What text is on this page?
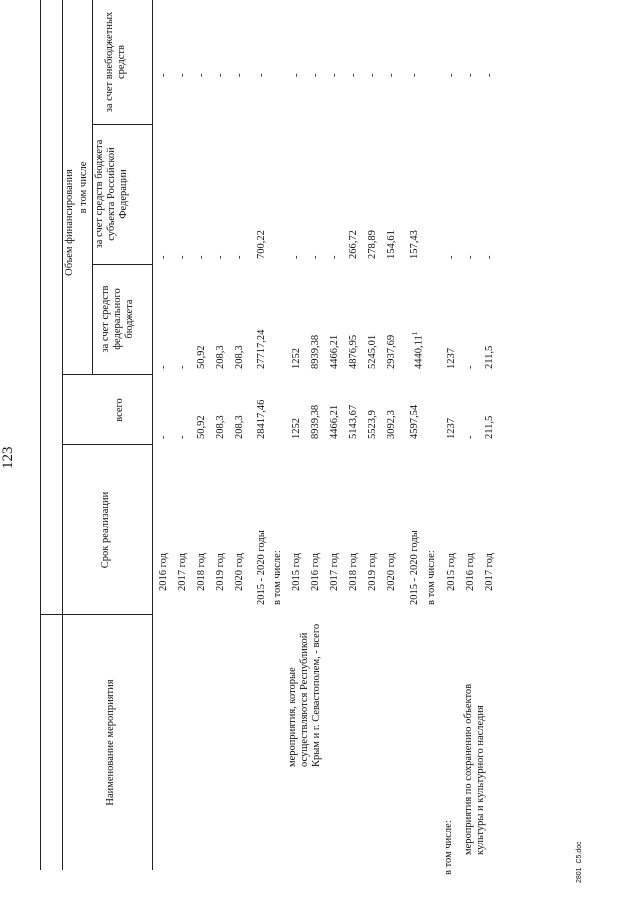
123
Наименование мероприятия
Срок реализации
Объем финансирования
всего
в том числе
за счет средств федерального бюджета
за счет средств бюджета субъекта Российской Федерации
за счет внебюджетных средств
мероприятия, которые осуществляются Республикой Крым и г. Севастополем, - всего
в том числе: мероприятия по сохранению объектов культуры и культурного наследия
2016 год
-
-
-
-
2017 год
-
-
-
-
2018 год
50,92
50,92
-
-
2019 год
208,3
208,3
-
-
2020 год
208,3
208,3
-
-
2015 - 2020 годы
28417,46
27717,24
700,22
-
в том числе: 2015 год
1252
1252
-
-
2016 год
8939,38
8939,38
-
-
2017 год
4466,21
4466,21
-
-
2018 год
5143,67
4876,95
266,72
-
2019 год
5523,9
5245,01
278,89
-
2020 год
3092,3
2937,69
154,61
-
2015 - 2020 годы
4597,54
4440,11$^1$
157,43
-
в том числе: 2015 год
1237
1237
-
-
2016 год
-
-
-
-
2017 год
211,5
211,5
-
-
2801  C5.doc
